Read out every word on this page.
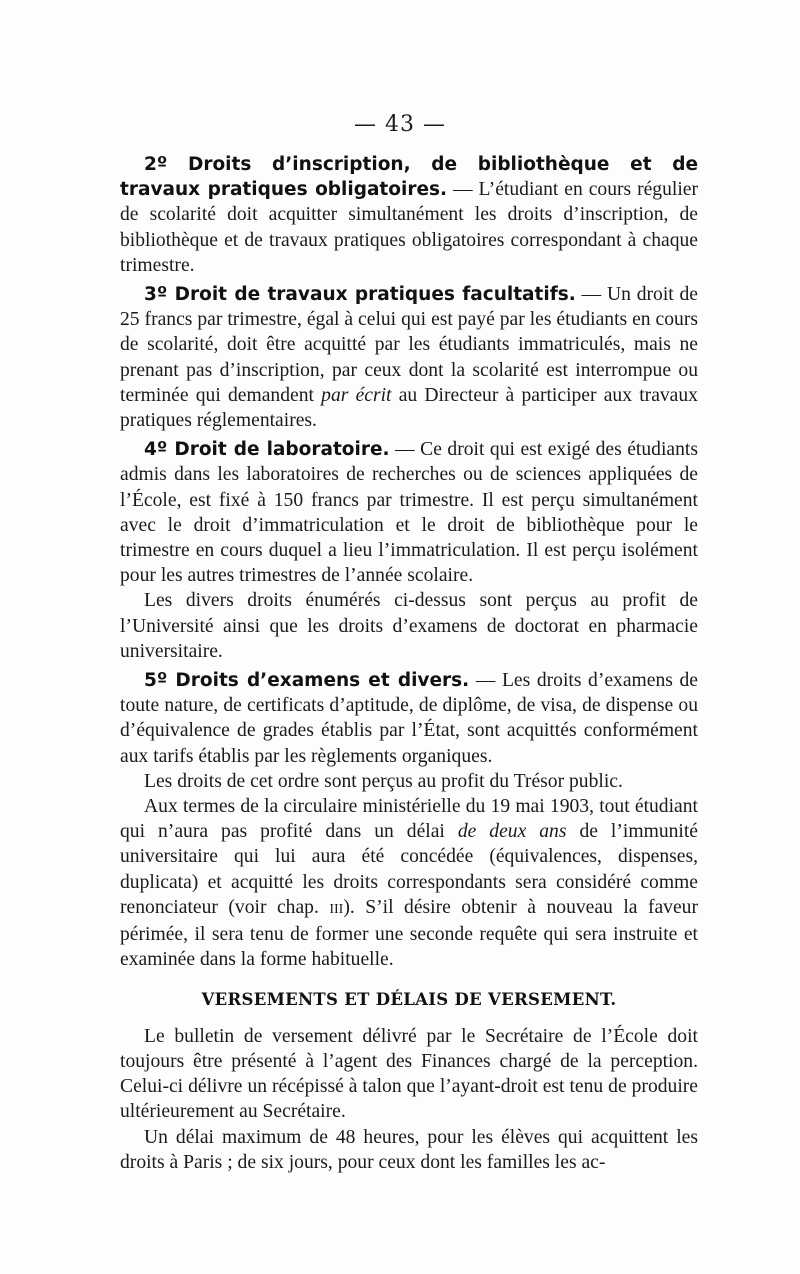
— 43 —

2º Droits d’inscription, de bibliothèque et de travaux pratiques obligatoires. — L’étudiant en cours régulier de scolarité doit acquitter simultanément les droits d’inscription, de bibliothèque et de travaux pratiques obligatoires correspondant à chaque trimestre.

3º Droit de travaux pratiques facultatifs. — Un droit de 25 francs par trimestre, égal à celui qui est payé par les étudiants en cours de scolarité, doit être acquitté par les étudiants immatriculés, mais ne prenant pas d’inscription, par ceux dont la scolarité est interrompue ou terminée qui demandent par écrit au Directeur à participer aux travaux pratiques réglementaires.

4º Droit de laboratoire. — Ce droit qui est exigé des étudiants admis dans les laboratoires de recherches ou de sciences appliquées de l’École, est fixé à 150 francs par trimestre. Il est perçu simultanément avec le droit d’immatriculation et le droit de bibliothèque pour le trimestre en cours duquel a lieu l’immatriculation. Il est perçu isolément pour les autres trimestres de l’année scolaire.

Les divers droits énumérés ci-dessus sont perçus au profit de l’Université ainsi que les droits d’examens de doctorat en pharmacie universitaire.

5º Droits d’examens et divers. — Les droits d’examens de toute nature, de certificats d’aptitude, de diplôme, de visa, de dispense ou d’équivalence de grades établis par l’État, sont acquittés conformément aux tarifs établis par les règlements organiques.

Les droits de cet ordre sont perçus au profit du Trésor public.

Aux termes de la circulaire ministérielle du 19 mai 1903, tout étudiant qui n’aura pas profité dans un délai de deux ans de l’immunité universitaire qui lui aura été concédée (équivalences, dispenses, duplicata) et acquitté les droits correspondants sera considéré comme renonciateur (voir chap. III). S’il désire obtenir à nouveau la faveur périmée, il sera tenu de former une seconde requête qui sera instruite et examinée dans la forme habituelle.

VERSEMENTS ET DÉLAIS DE VERSEMENT.

Le bulletin de versement délivré par le Secrétaire de l’École doit toujours être présenté à l’agent des Finances chargé de la perception. Celui-ci délivre un récépissé à talon que l’ayant-droit est tenu de produire ultérieurement au Secrétaire.

Un délai maximum de 48 heures, pour les élèves qui acquittent les droits à Paris ; de six jours, pour ceux dont les familles les ac-
